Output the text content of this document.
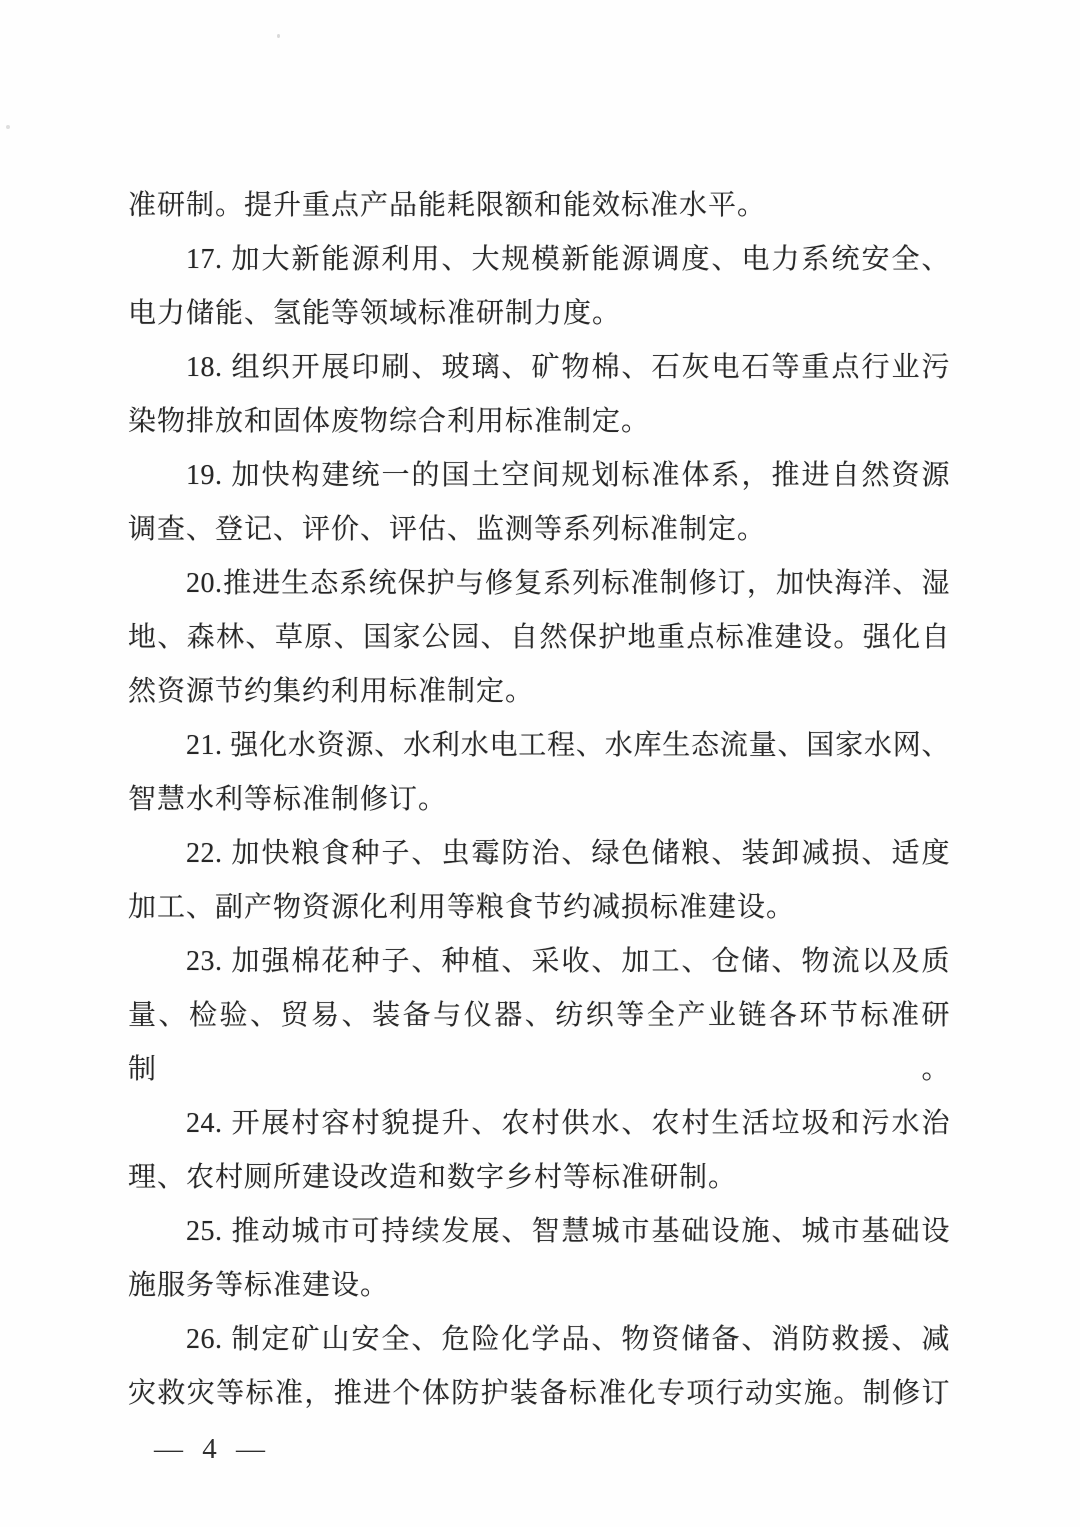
准研制。提升重点产品能耗限额和能效标准水平。
17. 加大新能源利用、大规模新能源调度、电力系统安全、
电力储能、氢能等领域标准研制力度。
18. 组织开展印刷、玻璃、矿物棉、石灰电石等重点行业污
染物排放和固体废物综合利用标准制定。
19. 加快构建统一的国土空间规划标准体系，推进自然资源
调查、登记、评价、评估、监测等系列标准制定。
20.推进生态系统保护与修复系列标准制修订，加快海洋、湿
地、森林、草原、国家公园、自然保护地重点标准建设。强化自
然资源节约集约利用标准制定。
21. 强化水资源、水利水电工程、水库生态流量、国家水网、
智慧水利等标准制修订。
22. 加快粮食种子、虫霉防治、绿色储粮、装卸减损、适度
加工、副产物资源化利用等粮食节约减损标准建设。
23. 加强棉花种子、种植、采收、加工、仓储、物流以及质
量、检验、贸易、装备与仪器、纺织等全产业链各环节标准研制。
24. 开展村容村貌提升、农村供水、农村生活垃圾和污水治
理、农村厕所建设改造和数字乡村等标准研制。
25. 推动城市可持续发展、智慧城市基础设施、城市基础设
施服务等标准建设。
26. 制定矿山安全、危险化学品、物资储备、消防救援、减
灾救灾等标准，推进个体防护装备标准化专项行动实施。制修订
— 4 —
